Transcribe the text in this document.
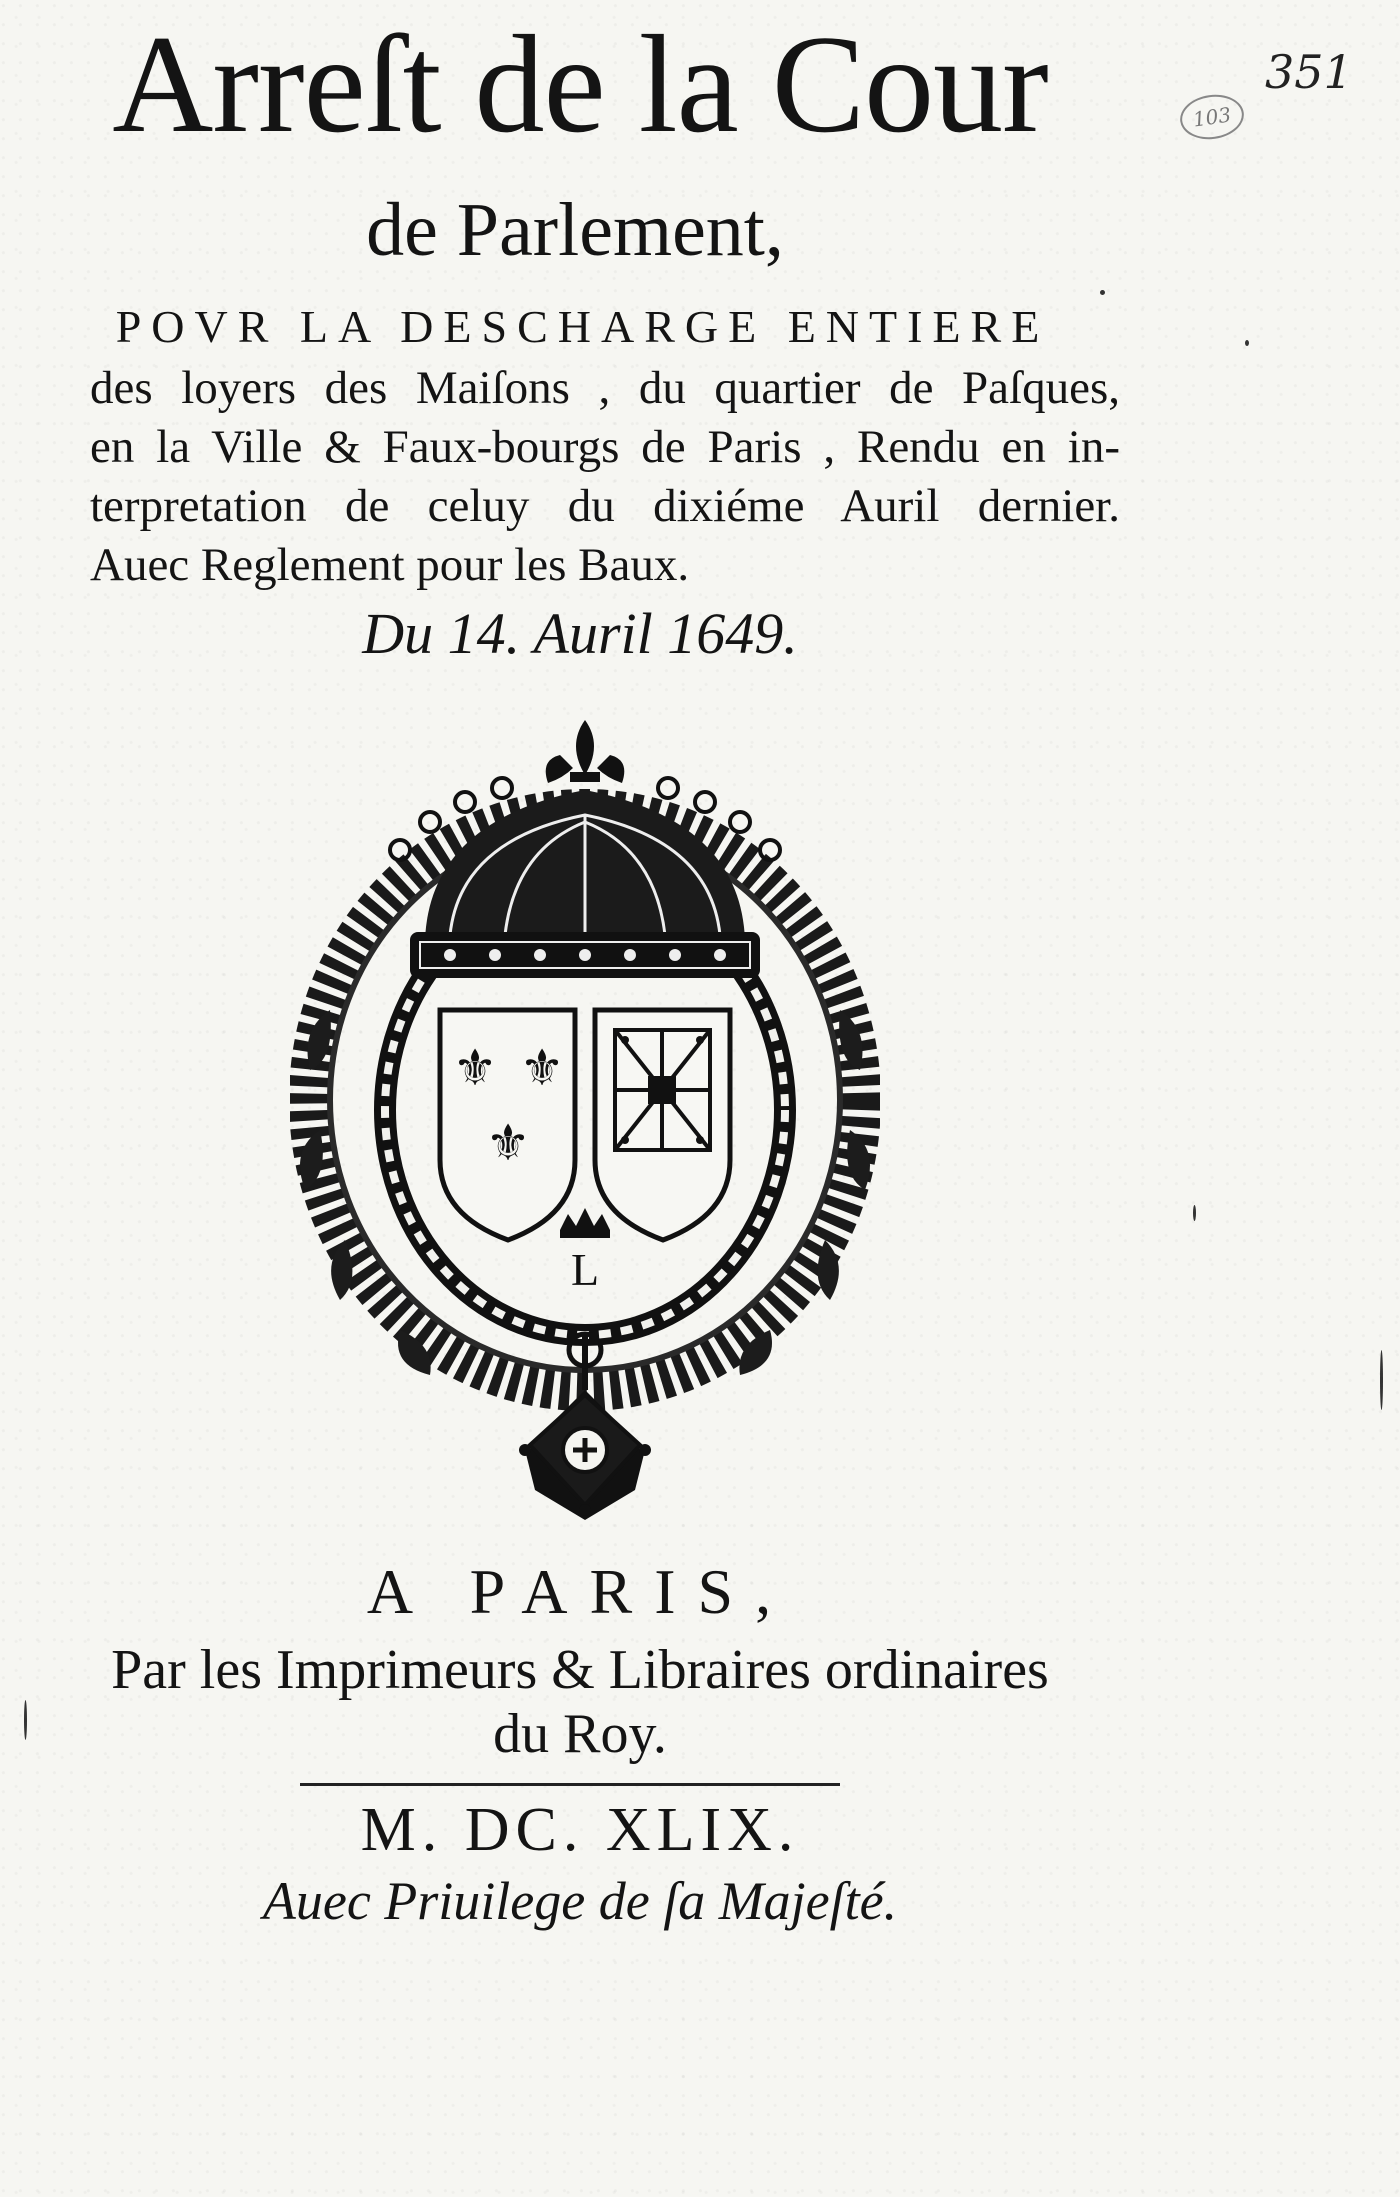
351
103
Arreſt de la Cour
de Parlement,
POVR LA DESCHARGE ENTIERE
des loyers des Maiſons , du quartier de Paſques,
en la Ville & Faux-bourgs de Paris , Rendu en in-
terpretation de celuy du dixiéme Auril dernier.
Auec Reglement pour les Baux.
Du 14. Auril 1649.
⚜ ⚜
⚜
L
A PARIS,
Par les Imprimeurs & Libraires ordinaires
du Roy.
M. DC. XLIX.
Auec Priuilege de ſa Majeſté.
